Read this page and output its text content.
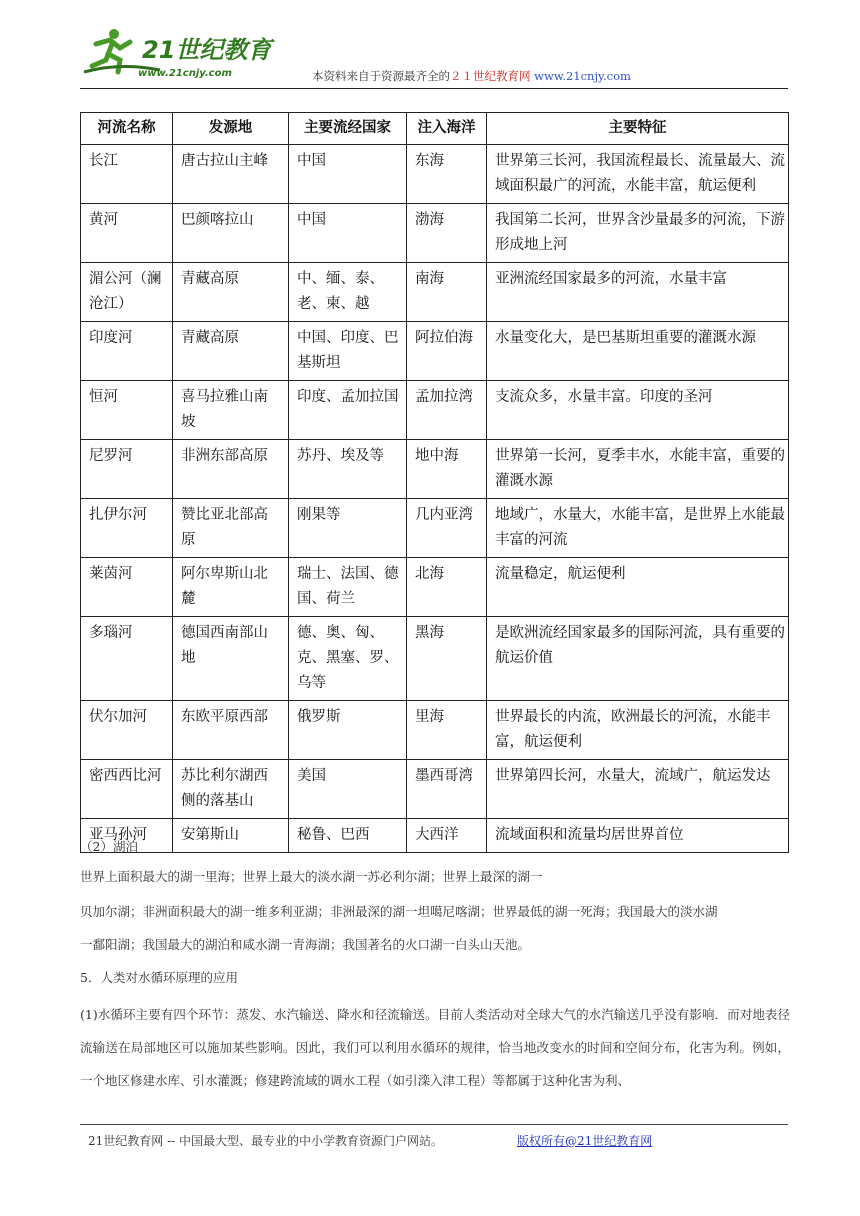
21世纪教育
www.21cnjy.com	本资料来自于资源最齐全的２１世纪教育网 www.21cnjy.com
河流名称	发源地	主要流经国家	注入海洋	主要特征
长江	唐古拉山主峰	中国	东海	世界第三长河，我国流程最长、流量最大、流域面积最广的河流，水能丰富，航运便利
黄河	巴颜喀拉山	中国	渤海	我国第二长河，世界含沙量最多的河流，下游形成地上河
湄公河（澜沧江）	青藏高原	中、缅、泰、老、柬、越	南海	亚洲流经国家最多的河流，水量丰富
印度河	青藏高原	中国、印度、巴基斯坦	阿拉伯海	水量变化大，是巴基斯坦重要的灌溉水源
恒河	喜马拉雅山南坡	印度、孟加拉国	孟加拉湾	支流众多，水量丰富。印度的圣河
尼罗河	非洲东部高原	苏丹、埃及等	地中海	世界第一长河，夏季丰水，水能丰富，重要的灌溉水源
扎伊尔河	赞比亚北部高原	刚果等	几内亚湾	地域广，水量大，水能丰富，是世界上水能最丰富的河流
莱茵河	阿尔卑斯山北麓	瑞士、法国、德国、荷兰	北海	流量稳定，航运便利
多瑙河	德国西南部山地	德、奥、匈、克、黑塞、罗、乌等	黑海	是欧洲流经国家最多的国际河流，具有重要的航运价值
伏尔加河	东欧平原西部	俄罗斯	里海	世界最长的内流，欧洲最长的河流，水能丰富，航运便利
密西西比河	苏比利尔湖西侧的落基山	美国	墨西哥湾	世界第四长河，水量大，流域广，航运发达
亚马孙河	安第斯山	秘鲁、巴西	大西洋	流域面积和流量均居世界首位

（2）湖泊

世界上面积最大的湖一里海；世界上最大的淡水湖一苏必利尔湖；世界上最深的湖一

贝加尔湖；非洲面积最大的湖一维多利亚湖；非洲最深的湖一坦噶尼喀湖；世界最低的湖一死海；我国最大的淡水湖

一鄱阳湖；我国最大的湖泊和咸水湖一青海湖；我国著名的火口湖一白头山天池。

5．人类对水循环原理的应用

(1)水循环主要有四个环节：蒸发、水汽输送、降水和径流输送。目前人类活动对全球大气的水汽输送几乎没有影响．而对地表径流输送在局部地区可以施加某些影响。因此，我们可以利用水循环的规律，恰当地改变水的时间和空间分布，化害为利。例如，一个地区修建水库、引水灌溉；修建跨流域的调水工程（如引滦入津工程）等都属于这种化害为利、

21世纪教育网 -- 中国最大型、最专业的中小学教育资源门户网站。	版权所有@21世纪教育网
